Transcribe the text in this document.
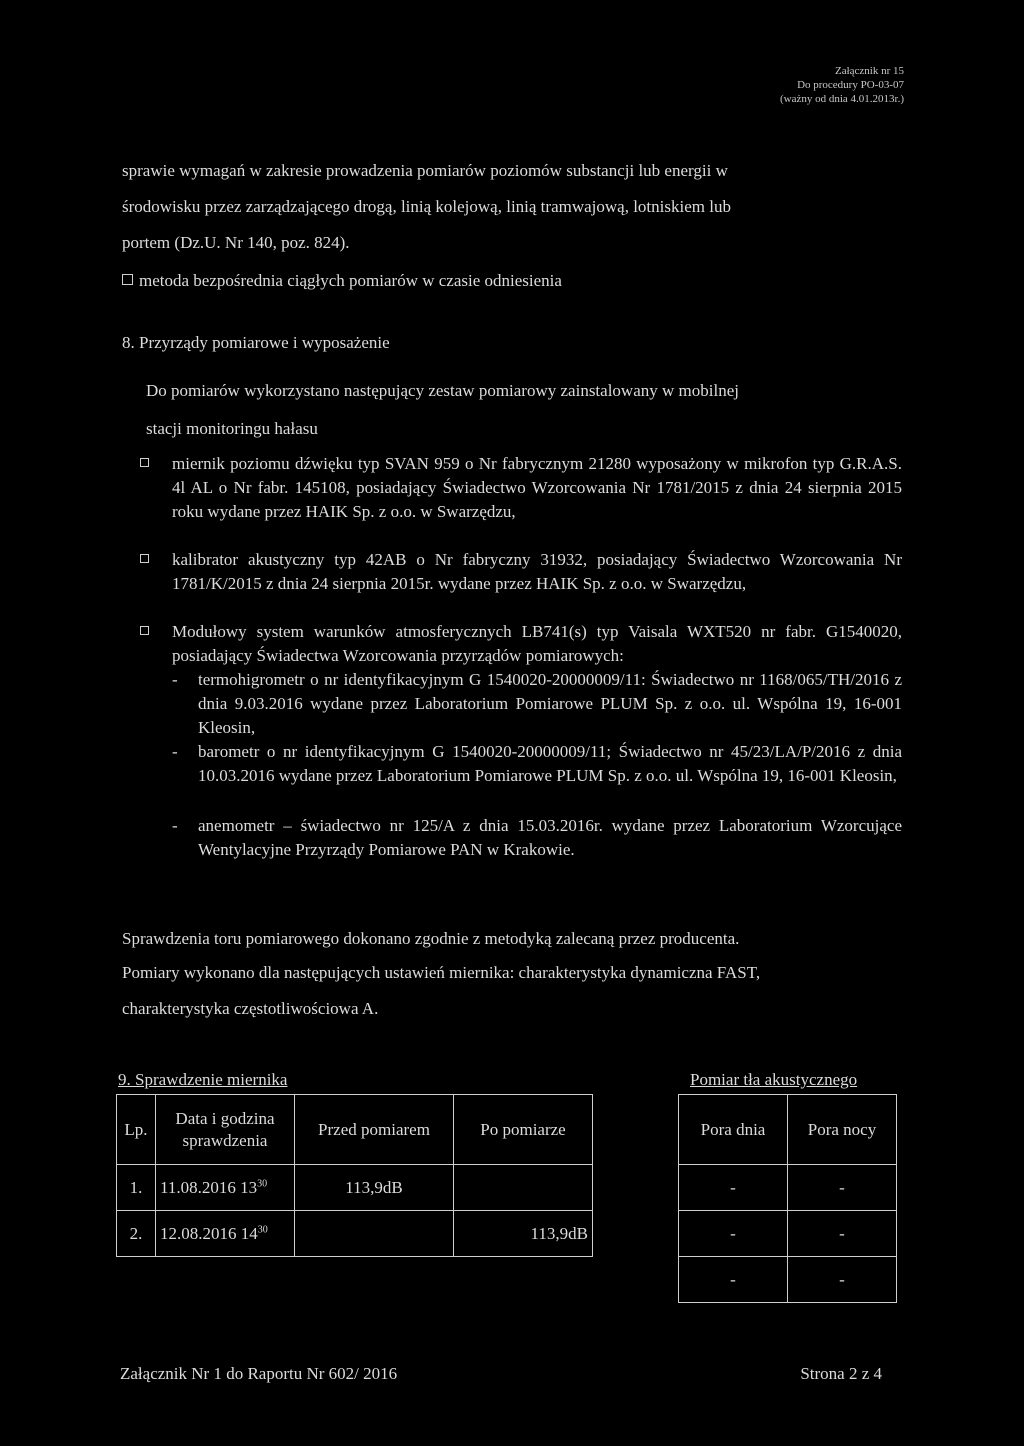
Załącznik nr 15
Do procedury PO-03-07
(ważny od dnia 4.01.2013r.)
sprawie wymagań w zakresie prowadzenia pomiarów poziomów substancji lub energii w
środowisku przez zarządzającego drogą, linią kolejową, linią tramwajową, lotniskiem lub
portem (Dz.U. Nr 140, poz. 824).
metoda bezpośrednia ciągłych pomiarów w czasie odniesienia
8. Przyrządy pomiarowe i wyposażenie
Do pomiarów wykorzystano następujący zestaw pomiarowy zainstalowany w mobilnej
stacji monitoringu hałasu
miernik poziomu dźwięku typ SVAN 959 o Nr fabrycznym 21280 wyposażony w mikrofon typ G.R.A.S. 4l AL o Nr fabr. 145108, posiadający Świadectwo Wzorcowania Nr 1781/2015 z dnia 24 sierpnia 2015 roku wydane przez HAIK Sp. z o.o. w Swarzędzu,
kalibrator akustyczny typ 42AB o Nr fabryczny 31932, posiadający Świadectwo Wzorcowania Nr 1781/K/2015 z dnia 24 sierpnia 2015r. wydane przez HAIK Sp. z o.o. w Swarzędzu,
Modułowy system warunków atmosferycznych LB741(s) typ Vaisala WXT520 nr fabr. G1540020, posiadający Świadectwa Wzorcowania przyrządów pomiarowych:
- termohigrometr o nr identyfikacyjnym G 1540020-20000009/11: Świadectwo nr 1168/065/TH/2016 z dnia 9.03.2016 wydane przez Laboratorium Pomiarowe PLUM Sp. z o.o. ul. Wspólna 19, 16-001 Kleosin,
- barometr o nr identyfikacyjnym G 1540020-20000009/11; Świadectwo nr 45/23/LA/P/2016 z dnia 10.03.2016 wydane przez Laboratorium Pomiarowe PLUM Sp. z o.o. ul. Wspólna 19, 16-001 Kleosin,
- anemometr – świadectwo nr 125/A z dnia 15.03.2016r. wydane przez Laboratorium Wzorcujące Wentylacyjne Przyrządy Pomiarowe PAN w Krakowie.
Sprawdzenia toru pomiarowego dokonano zgodnie z metodyką zalecaną przez producenta.
Pomiary wykonano dla następujących ustawień miernika: charakterystyka dynamiczna FAST,
charakterystyka częstotliwościowa A.
9. Sprawdzenie miernika	Pomiar tła akustycznego
Lp.	Data i godzina sprawdzenia	Przed pomiarem	Po pomiarze
1.	11.08.2016 $13^{30}$	113,9dB	
2.	12.08.2016 $14^{30}$		113,9dB
Pora dnia	Pora nocy
-	-
-	-
-	-
Załącznik Nr 1 do Raportu Nr 602/ 2016	Strona 2 z 4
